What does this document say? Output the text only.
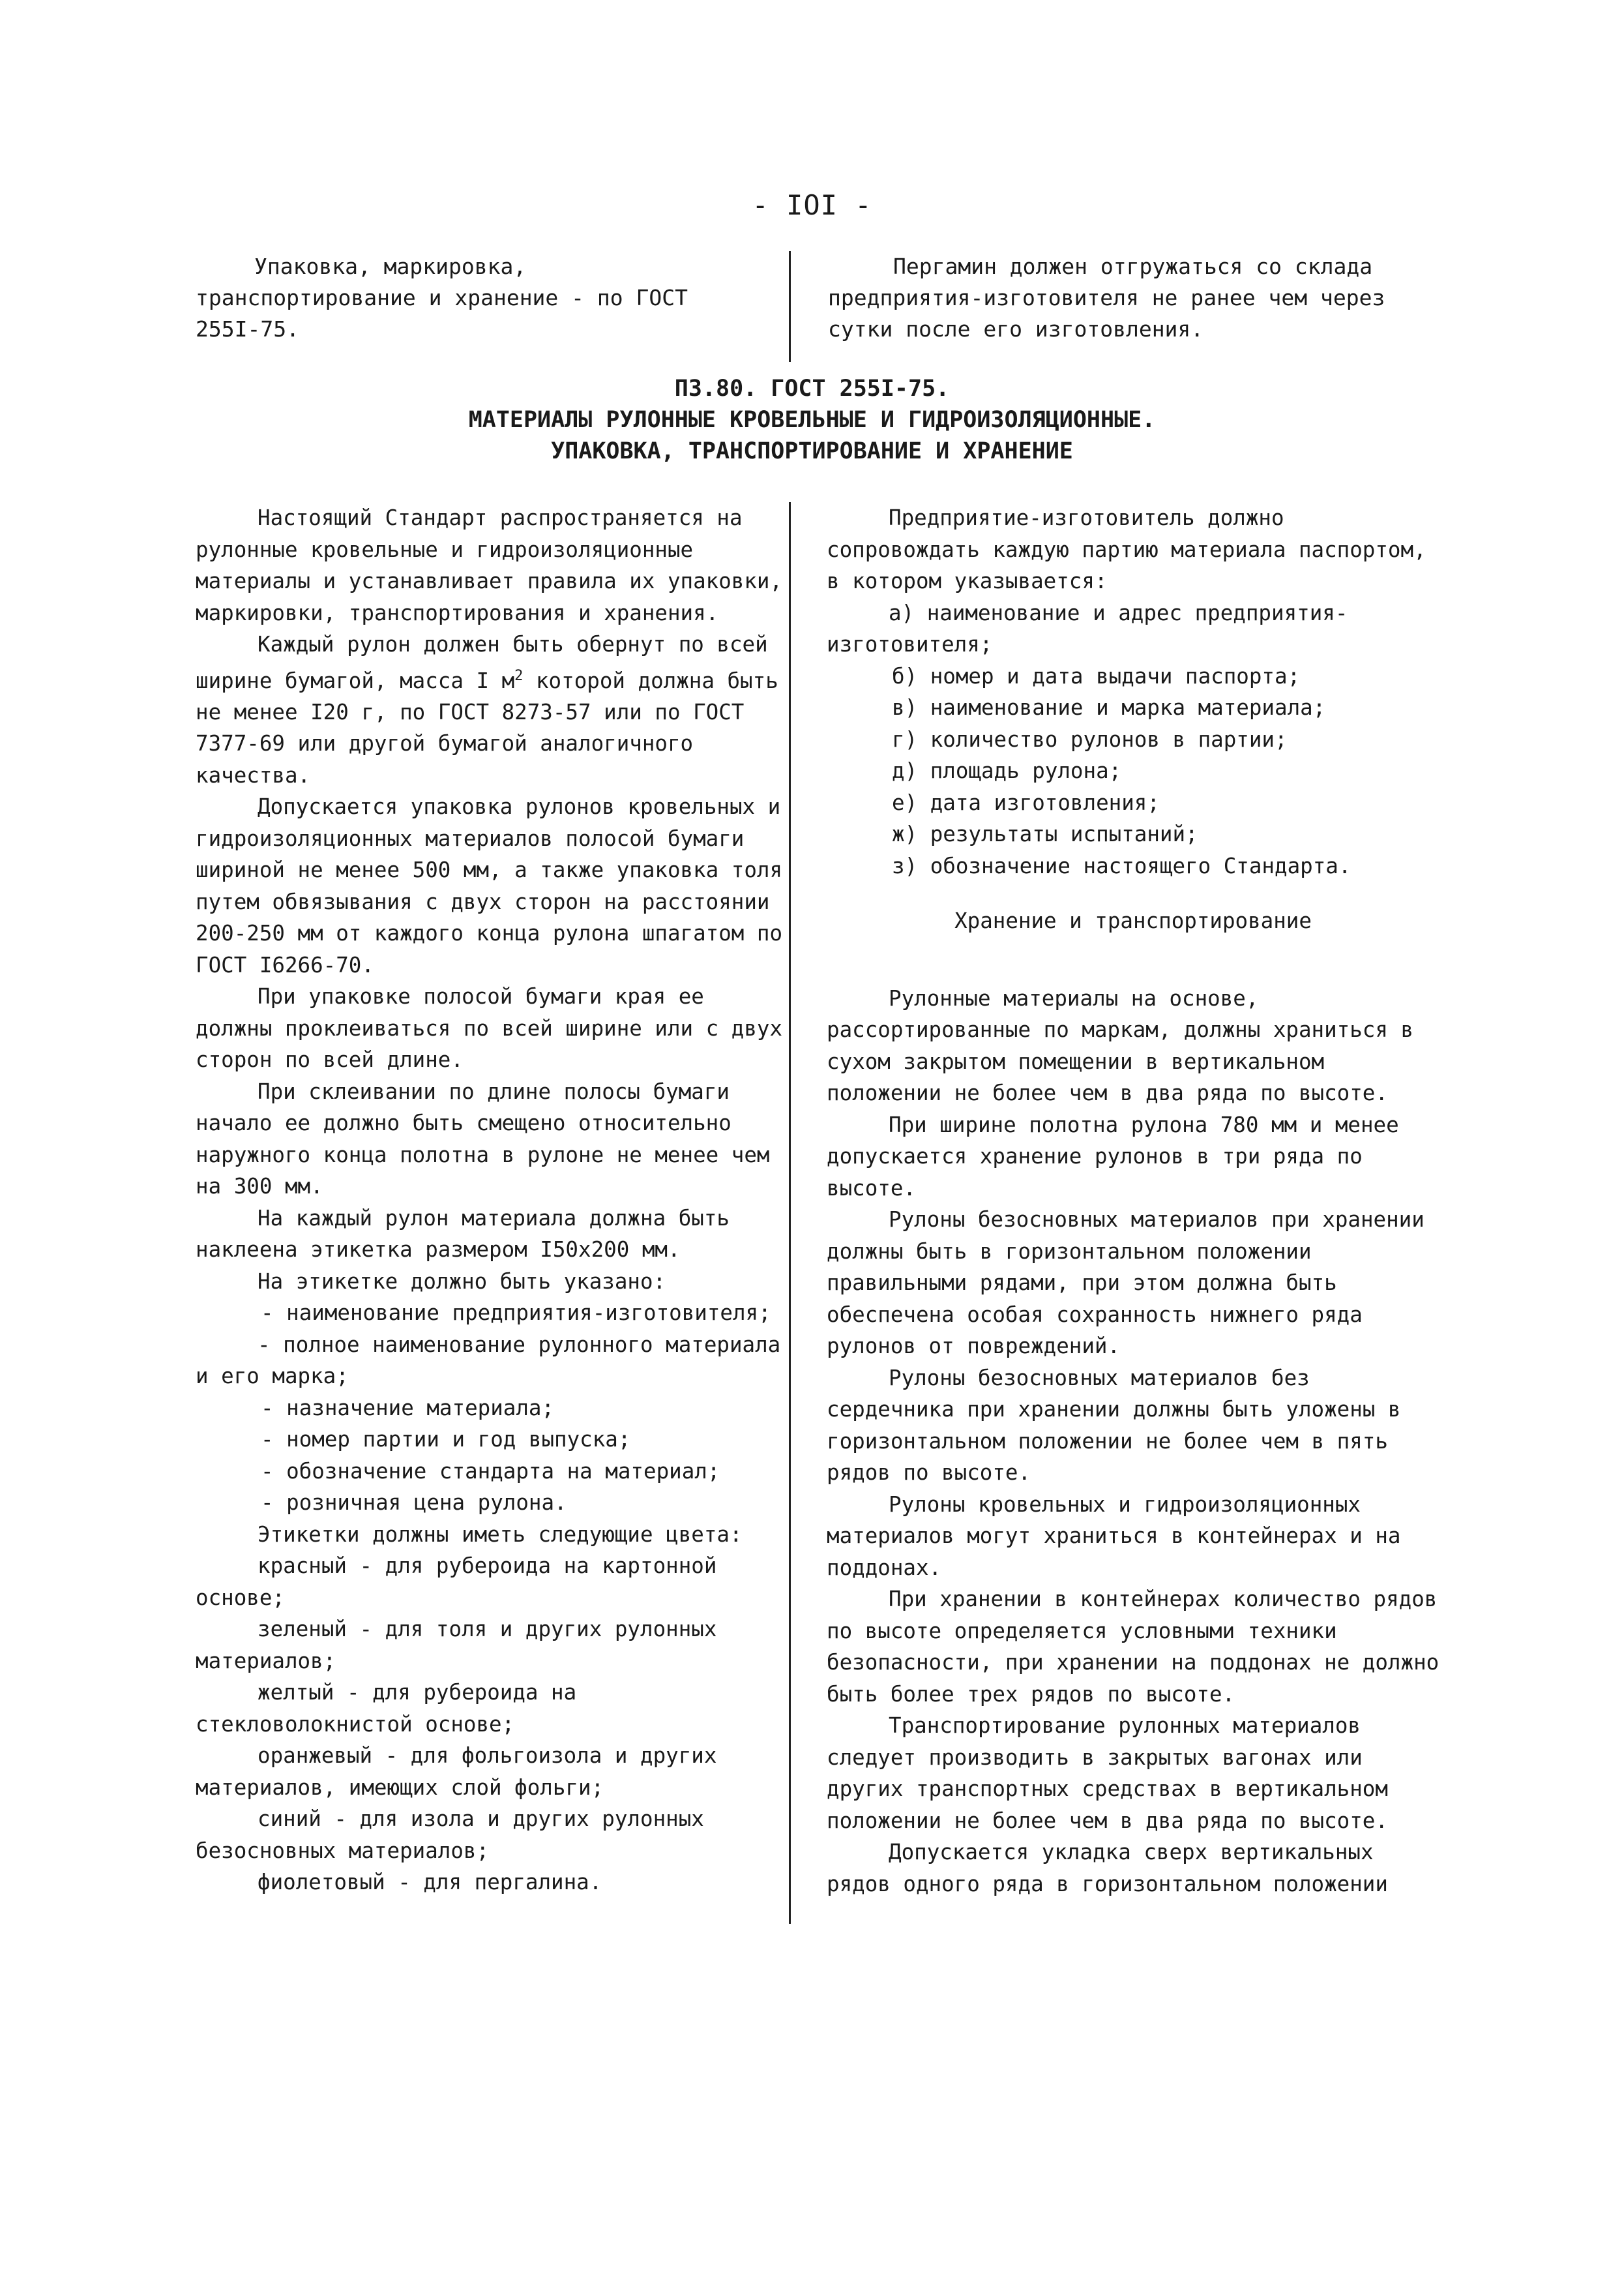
- IOI -

Упаковка, маркировка, транспортирование и хранение - по ГОСТ 255I-75.

Пергамин должен отгружаться со склада предприятия-изготовителя не ранее чем через сутки после его изготовления.

ПЗ.80. ГОСТ 255I-75.
МАТЕРИАЛЫ РУЛОННЫЕ КРОВЕЛЬНЫЕ И ГИДРОИЗОЛЯЦИОННЫЕ.
УПАКОВКА, ТРАНСПОРТИРОВАНИЕ И ХРАНЕНИЕ

Настоящий Стандарт распространяется на рулонные кровельные и гидроизоляционные материалы и устанавливает правила их упаковки, маркировки, транспортирования и хранения.

Каждый рулон должен быть обернут по всей ширине бумагой, масса I $м^2$ которой должна быть не менее I20 г, по ГОСТ 8273-57 или по ГОСТ 7377-69 или другой бумагой аналогичного качества.

Допускается упаковка рулонов кровельных и гидроизоляционных материалов полосой бумаги шириной не менее 500 мм, а также упаковка толя путем обвязывания с двух сторон на расстоянии 200-250 мм от каждого конца рулона шпагатом по ГОСТ I6266-70.

При упаковке полосой бумаги края ее должны проклеиваться по всей ширине или с двух сторон по всей длине.

При склеивании по длине полосы бумаги начало ее должно быть смещено относительно наружного конца полотна в рулоне не менее чем на 300 мм.

На каждый рулон материала должна быть наклеена этикетка размером I50x200 мм.

На этикетке должно быть указано:

- наименование предприятия-изготовителя;

- полное наименование рулонного материала и его марка;

- назначение материала;

- номер партии и год выпуска;

- обозначение стандарта на материал;

- розничная цена рулона.

Этикетки должны иметь следующие цвета:

красный - для рубероида на картонной основе;

зеленый - для толя и других рулонных материалов;

желтый - для рубероида на стекловолокнистой основе;

оранжевый - для фольгоизола и других материалов, имеющих слой фольги;

синий - для изола и других рулонных безосновных материалов;

фиолетовый - для пергалина.

Предприятие-изготовитель должно сопровождать каждую партию материала паспортом, в котором указывается:

а) наименование и адрес предприятия-изготовителя;

б) номер и дата выдачи паспорта;

в) наименование и марка материала;

г) количество рулонов в партии;

д) площадь рулона;

е) дата изготовления;

ж) результаты испытаний;

з) обозначение настоящего Стандарта.

Хранение и транспортирование

Рулонные материалы на основе, рассортированные по маркам, должны храниться в сухом закрытом помещении в вертикальном положении не более чем в два ряда по высоте.

При ширине полотна рулона 780 мм и менее допускается хранение рулонов в три ряда по высоте.

Рулоны безосновных материалов при хранении должны быть в горизонтальном положении правильными рядами, при этом должна быть обеспечена особая сохранность нижнего ряда рулонов от повреждений.

Рулоны безосновных материалов без сердечника при хранении должны быть уложены в горизонтальном положении не более чем в пять рядов по высоте.

Рулоны кровельных и гидроизоляционных материалов могут храниться в контейнерах и на поддонах.

При хранении в контейнерах количество рядов по высоте определяется условными техники безопасности, при хранении на поддонах не должно быть более трех рядов по высоте.

Транспортирование рулонных материалов следует производить в закрытых вагонах или других транспортных средствах в вертикальном положении не более чем в два ряда по высоте.

Допускается укладка сверх вертикальных рядов одного ряда в горизонтальном положении
